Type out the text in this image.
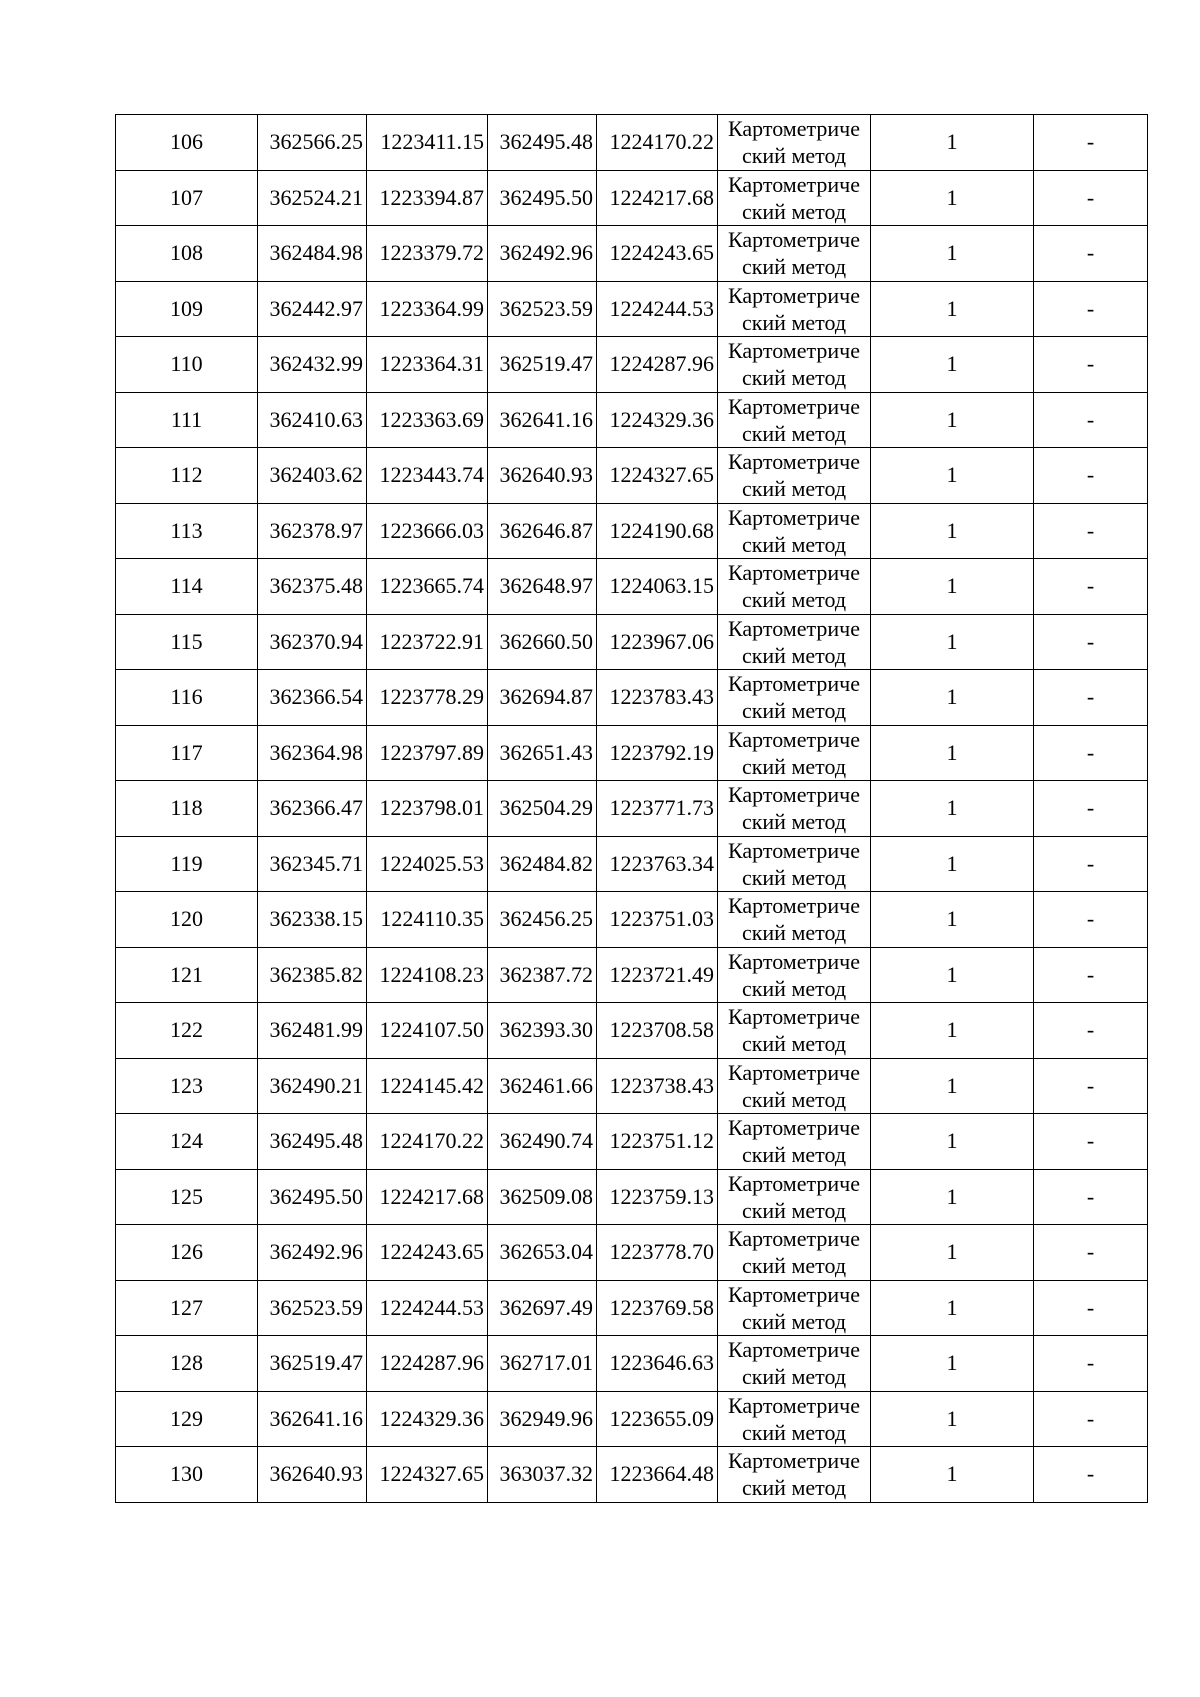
106	362566.25	1223411.15	362495.48	1224170.22	Картометриче
ский метод	1	-
107	362524.21	1223394.87	362495.50	1224217.68	Картометриче
ский метод	1	-
108	362484.98	1223379.72	362492.96	1224243.65	Картометриче
ский метод	1	-
109	362442.97	1223364.99	362523.59	1224244.53	Картометриче
ский метод	1	-
110	362432.99	1223364.31	362519.47	1224287.96	Картометриче
ский метод	1	-
111	362410.63	1223363.69	362641.16	1224329.36	Картометриче
ский метод	1	-
112	362403.62	1223443.74	362640.93	1224327.65	Картометриче
ский метод	1	-
113	362378.97	1223666.03	362646.87	1224190.68	Картометриче
ский метод	1	-
114	362375.48	1223665.74	362648.97	1224063.15	Картометриче
ский метод	1	-
115	362370.94	1223722.91	362660.50	1223967.06	Картометриче
ский метод	1	-
116	362366.54	1223778.29	362694.87	1223783.43	Картометриче
ский метод	1	-
117	362364.98	1223797.89	362651.43	1223792.19	Картометриче
ский метод	1	-
118	362366.47	1223798.01	362504.29	1223771.73	Картометриче
ский метод	1	-
119	362345.71	1224025.53	362484.82	1223763.34	Картометриче
ский метод	1	-
120	362338.15	1224110.35	362456.25	1223751.03	Картометриче
ский метод	1	-
121	362385.82	1224108.23	362387.72	1223721.49	Картометриче
ский метод	1	-
122	362481.99	1224107.50	362393.30	1223708.58	Картометриче
ский метод	1	-
123	362490.21	1224145.42	362461.66	1223738.43	Картометриче
ский метод	1	-
124	362495.48	1224170.22	362490.74	1223751.12	Картометриче
ский метод	1	-
125	362495.50	1224217.68	362509.08	1223759.13	Картометриче
ский метод	1	-
126	362492.96	1224243.65	362653.04	1223778.70	Картометриче
ский метод	1	-
127	362523.59	1224244.53	362697.49	1223769.58	Картометриче
ский метод	1	-
128	362519.47	1224287.96	362717.01	1223646.63	Картометриче
ский метод	1	-
129	362641.16	1224329.36	362949.96	1223655.09	Картометриче
ский метод	1	-
130	362640.93	1224327.65	363037.32	1223664.48	Картометриче
ский метод	1	-
